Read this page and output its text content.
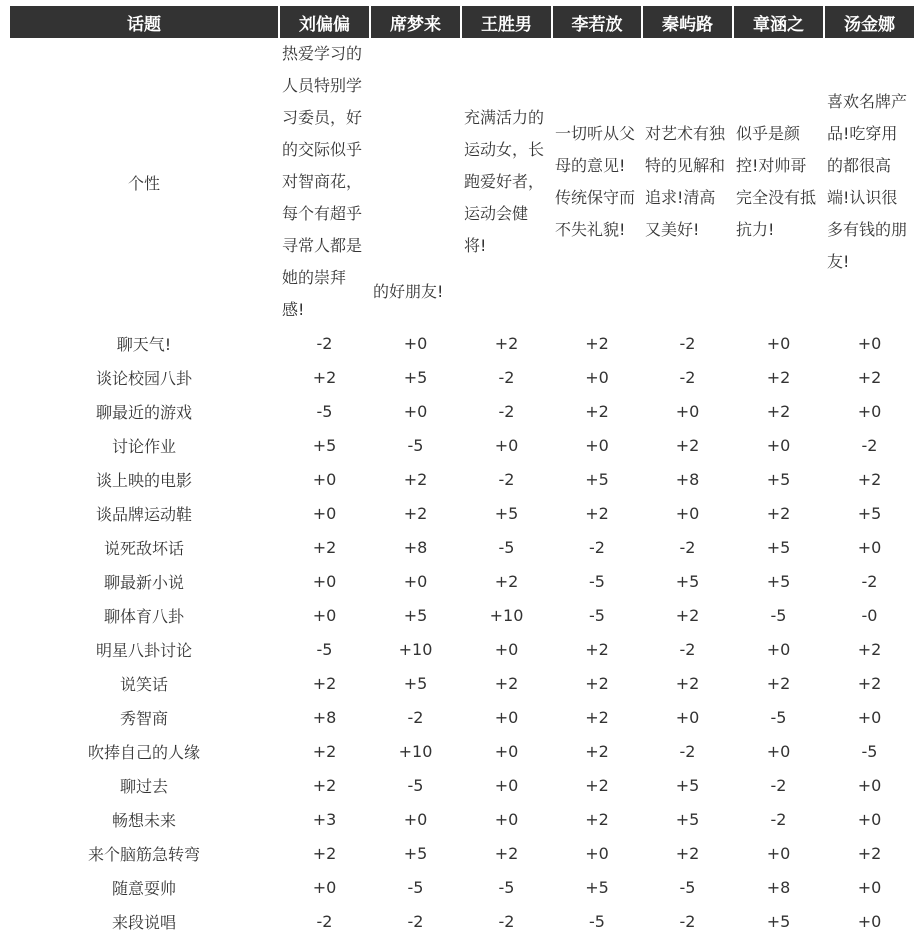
话题	刘偏偏	席梦来	王胜男	李若放	秦屿路	章涵之	汤金娜
个性	热爱学习的人员特别学习委员，好的交际似乎对智商花，每个有超乎寻常人都是她的崇拜感!	的好朋友!	充满活力的运动女，长跑爱好者，运动会健将!	一切听从父母的意见!传统保守而不失礼貌!	对艺术有独特的见解和追求!清高又美好!	似乎是颜控!对帅哥完全没有抵抗力!	喜欢名牌产品!吃穿用的都很高端!认识很多有钱的朋友!
聊天气!	-2	+0	+2	+2	-2	+0	+0
谈论校园八卦	+2	+5	-2	+0	-2	+2	+2
聊最近的游戏	-5	+0	-2	+2	+0	+2	+0
讨论作业	+5	-5	+0	+0	+2	+0	-2
谈上映的电影	+0	+2	-2	+5	+8	+5	+2
谈品牌运动鞋	+0	+2	+5	+2	+0	+2	+5
说死敌坏话	+2	+8	-5	-2	-2	+5	+0
聊最新小说	+0	+0	+2	-5	+5	+5	-2
聊体育八卦	+0	+5	+10	-5	+2	-5	-0
明星八卦讨论	-5	+10	+0	+2	-2	+0	+2
说笑话	+2	+5	+2	+2	+2	+2	+2
秀智商	+8	-2	+0	+2	+0	-5	+0
吹捧自己的人缘	+2	+10	+0	+2	-2	+0	-5
聊过去	+2	-5	+0	+2	+5	-2	+0
畅想未来	+3	+0	+0	+2	+5	-2	+0
来个脑筋急转弯	+2	+5	+2	+0	+2	+0	+2
随意耍帅	+0	-5	-5	+5	-5	+8	+0
来段说唱	-2	-2	-2	-5	-2	+5	+0
